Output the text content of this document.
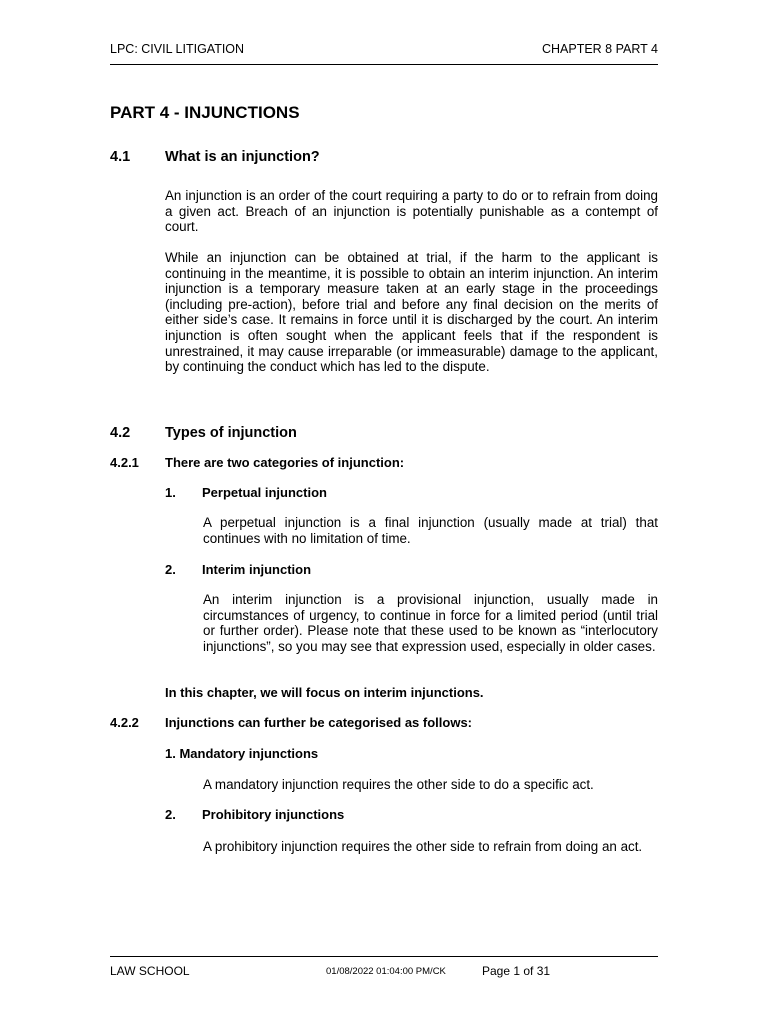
LPC: CIVIL LITIGATION	CHAPTER 8 PART 4
PART 4 - INJUNCTIONS
4.1 What is an injunction?

An injunction is an order of the court requiring a party to do or to refrain from doing a given act. Breach of an injunction is potentially punishable as a contempt of court.

While an injunction can be obtained at trial, if the harm to the applicant is continuing in the meantime, it is possible to obtain an interim injunction. An interim injunction is a temporary measure taken at an early stage in the proceedings (including pre-action), before trial and before any final decision on the merits of either side’s case. It remains in force until it is discharged by the court. An interim injunction is often sought when the applicant feels that if the respondent is unrestrained, it may cause irreparable (or immeasurable) damage to the applicant, by continuing the conduct which has led to the dispute.

4.2 Types of injunction
4.2.1 There are two categories of injunction:
1. Perpetual injunction

A perpetual injunction is a final injunction (usually made at trial) that continues with no limitation of time.

2. Interim injunction

An interim injunction is a provisional injunction, usually made in circumstances of urgency, to continue in force for a limited period (until trial or further order). Please note that these used to be known as “interlocutory injunctions”, so you may see that expression used, especially in older cases.

In this chapter, we will focus on interim injunctions.
4.2.2 Injunctions can further be categorised as follows:
1. Mandatory injunctions

A mandatory injunction requires the other side to do a specific act.

2. Prohibitory injunctions

A prohibitory injunction requires the other side to refrain from doing an act.

LAW SCHOOL	01/08/2022 01:04:00 PM/CK	Page 1 of 31
